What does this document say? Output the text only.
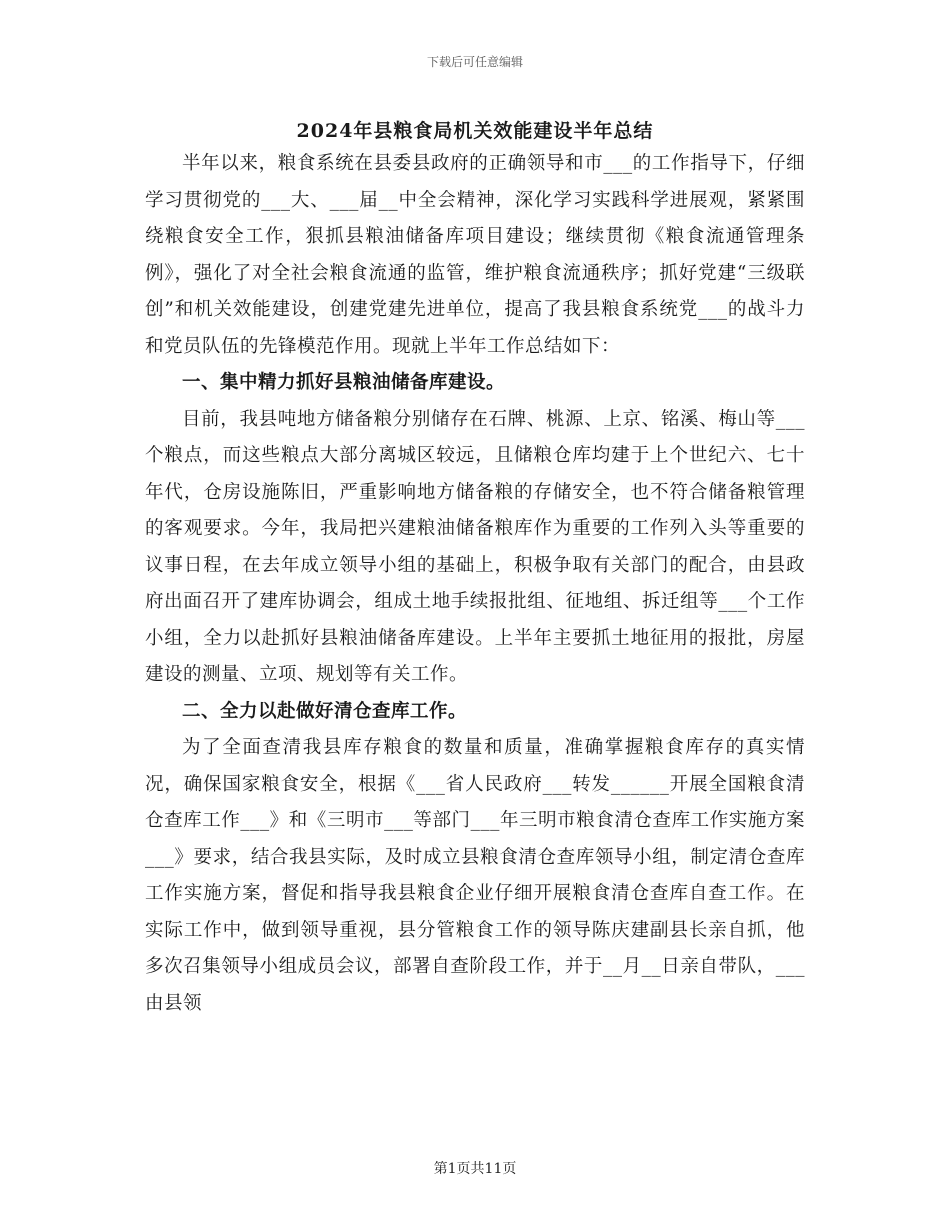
下载后可任意编辑
2024年县粮食局机关效能建设半年总结

半年以来，粮食系统在县委县政府的正确领导和市___的工作指导下，仔细学习贯彻党的___大、___届__中全会精神，深化学习实践科学进展观，紧紧围绕粮食安全工作，狠抓县粮油储备库项目建设；继续贯彻《粮食流通管理条例》，强化了对全社会粮食流通的监管，维护粮食流通秩序；抓好党建“三级联创”和机关效能建设，创建党建先进单位，提高了我县粮食系统党___的战斗力和党员队伍的先锋模范作用。现就上半年工作总结如下：

一、集中精力抓好县粮油储备库建设。

目前，我县吨地方储备粮分别储存在石牌、桃源、上京、铭溪、梅山等___个粮点，而这些粮点大部分离城区较远，且储粮仓库均建于上个世纪六、七十年代，仓房设施陈旧，严重影响地方储备粮的存储安全，也不符合储备粮管理的客观要求。今年，我局把兴建粮油储备粮库作为重要的工作列入头等重要的议事日程，在去年成立领导小组的基础上，积极争取有关部门的配合，由县政府出面召开了建库协调会，组成土地手续报批组、征地组、拆迁组等___个工作小组，全力以赴抓好县粮油储备库建设。上半年主要抓土地征用的报批，房屋建设的测量、立项、规划等有关工作。

二、全力以赴做好清仓查库工作。

为了全面查清我县库存粮食的数量和质量，准确掌握粮食库存的真实情况，确保国家粮食安全，根据《___省人民政府___转发______开展全国粮食清仓查库工作___》和《三明市___等部门___年三明市粮食清仓查库工作实施方案___》要求，结合我县实际，及时成立县粮食清仓查库领导小组，制定清仓查库工作实施方案，督促和指导我县粮食企业仔细开展粮食清仓查库自查工作。在实际工作中，做到领导重视，县分管粮食工作的领导陈庆建副县长亲自抓，他多次召集领导小组成员会议，部署自查阶段工作，并于__月__日亲自带队，___由县领

第1页共11页
